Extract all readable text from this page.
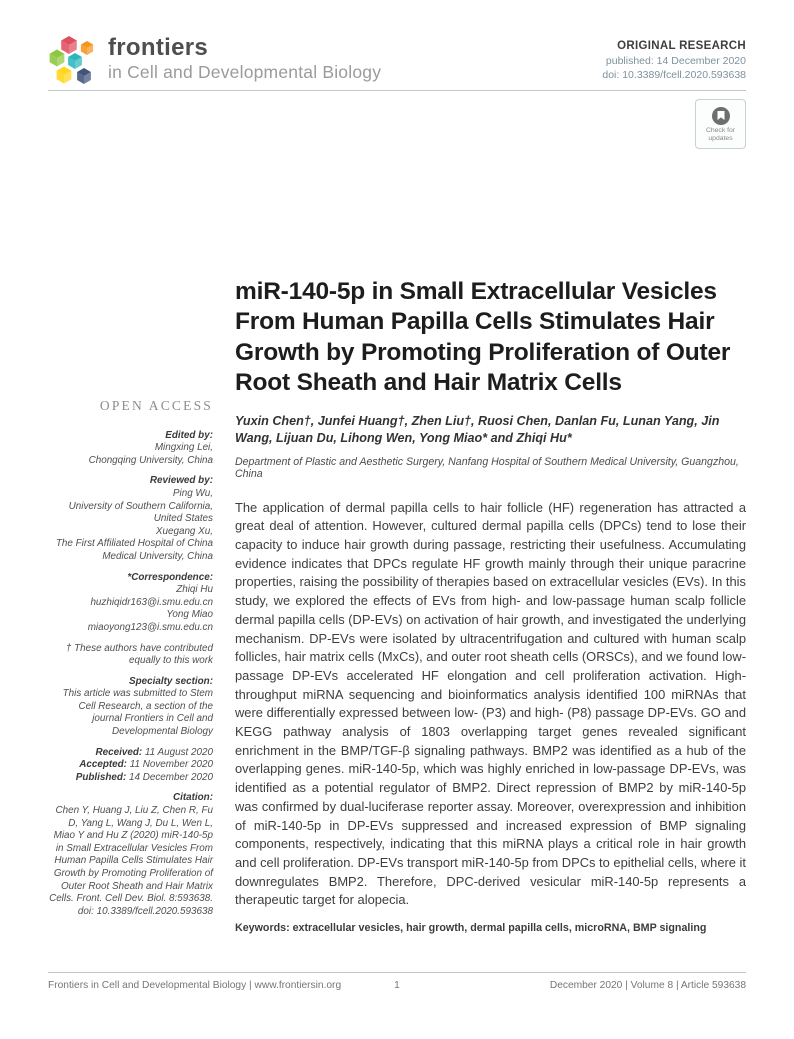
frontiers
in Cell and Developmental Biology
ORIGINAL RESEARCH
published: 14 December 2020
doi: 10.3389/fcell.2020.593638
Check for
updates
OPEN ACCESS
Edited by:
Mingxing Lei,
Chongqing University, China
Reviewed by:
Ping Wu,
University of Southern California,
United States
Xuegang Xu,
The First Affiliated Hospital of China
Medical University, China
*Correspondence:
Zhiqi Hu
huzhiqidr163@i.smu.edu.cn
Yong Miao
miaoyong123@i.smu.edu.cn
† These authors have contributed equally to this work
Specialty section:
This article was submitted to Stem Cell Research, a section of the journal Frontiers in Cell and Developmental Biology
Received: 11 August 2020
Accepted: 11 November 2020
Published: 14 December 2020
Citation:
Chen Y, Huang J, Liu Z, Chen R, Fu D, Yang L, Wang J, Du L, Wen L, Miao Y and Hu Z (2020) miR-140-5p in Small Extracellular Vesicles From Human Papilla Cells Stimulates Hair Growth by Promoting Proliferation of Outer Root Sheath and Hair Matrix Cells. Front. Cell Dev. Biol. 8:593638. doi: 10.3389/fcell.2020.593638
miR-140-5p in Small Extracellular Vesicles From Human Papilla Cells Stimulates Hair Growth by Promoting Proliferation of Outer Root Sheath and Hair Matrix Cells
Yuxin Chen†, Junfei Huang†, Zhen Liu†, Ruosi Chen, Danlan Fu, Lunan Yang, Jin Wang, Lijuan Du, Lihong Wen, Yong Miao* and Zhiqi Hu*
Department of Plastic and Aesthetic Surgery, Nanfang Hospital of Southern Medical University, Guangzhou, China
The application of dermal papilla cells to hair follicle (HF) regeneration has attracted a great deal of attention. However, cultured dermal papilla cells (DPCs) tend to lose their capacity to induce hair growth during passage, restricting their usefulness. Accumulating evidence indicates that DPCs regulate HF growth mainly through their unique paracrine properties, raising the possibility of therapies based on extracellular vesicles (EVs). In this study, we explored the effects of EVs from high- and low-passage human scalp follicle dermal papilla cells (DP-EVs) on activation of hair growth, and investigated the underlying mechanism. DP-EVs were isolated by ultracentrifugation and cultured with human scalp follicles, hair matrix cells (MxCs), and outer root sheath cells (ORSCs), and we found low-passage DP-EVs accelerated HF elongation and cell proliferation activation. High-throughput miRNA sequencing and bioinformatics analysis identified 100 miRNAs that were differentially expressed between low- (P3) and high- (P8) passage DP-EVs. GO and KEGG pathway analysis of 1803 overlapping target genes revealed significant enrichment in the BMP/TGF-β signaling pathways. BMP2 was identified as a hub of the overlapping genes. miR-140-5p, which was highly enriched in low-passage DP-EVs, was identified as a potential regulator of BMP2. Direct repression of BMP2 by miR-140-5p was confirmed by dual-luciferase reporter assay. Moreover, overexpression and inhibition of miR-140-5p in DP-EVs suppressed and increased expression of BMP signaling components, respectively, indicating that this miRNA plays a critical role in hair growth and cell proliferation. DP-EVs transport miR-140-5p from DPCs to epithelial cells, where it downregulates BMP2. Therefore, DPC-derived vesicular miR-140-5p represents a therapeutic target for alopecia.
Keywords: extracellular vesicles, hair growth, dermal papilla cells, microRNA, BMP signaling
Frontiers in Cell and Developmental Biology | www.frontiersin.org	1	December 2020 | Volume 8 | Article 593638
